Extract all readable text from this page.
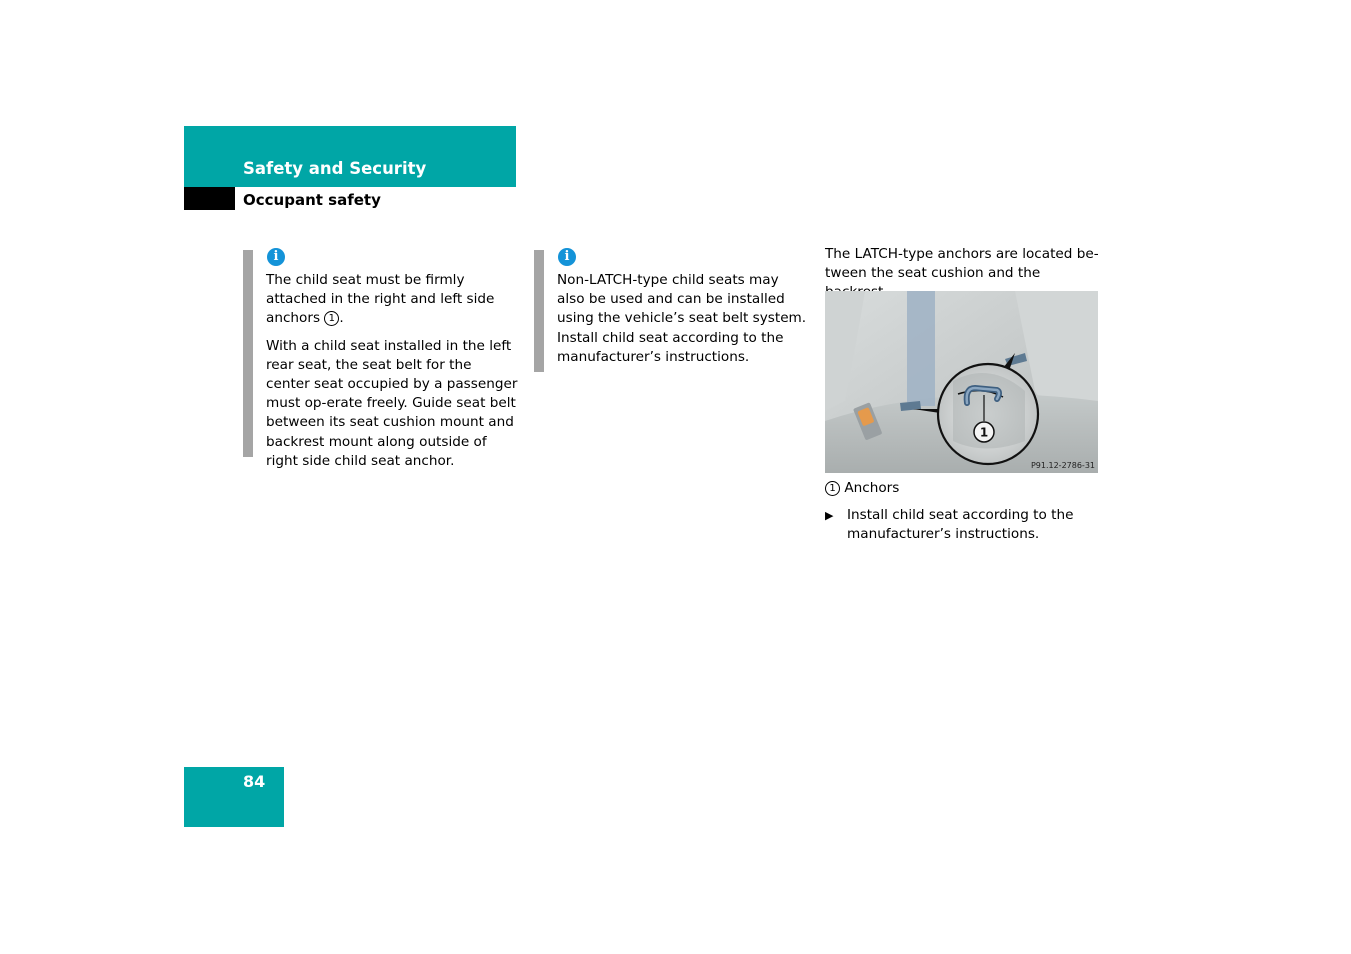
Safety and Security
Occupant safety
i

The child seat must be firmly attached in the right and left side anchors 1 .

With a child seat installed in the left rear seat, the seat belt for the center seat occupied by a passenger must op-erate freely. Guide seat belt between its seat cushion mount and backrest mount along outside of right side child seat anchor.

i

Non-LATCH-type child seats may also be used and can be installed using the vehicle’s seat belt system. Install child seat according to the manufacturer’s instructions.

The LATCH-type anchors are located be-tween the seat cushion and the

1
P91.12-2786-31

1 Anchors

▶ Install child seat according to the manufacturer’s instructions.
84
